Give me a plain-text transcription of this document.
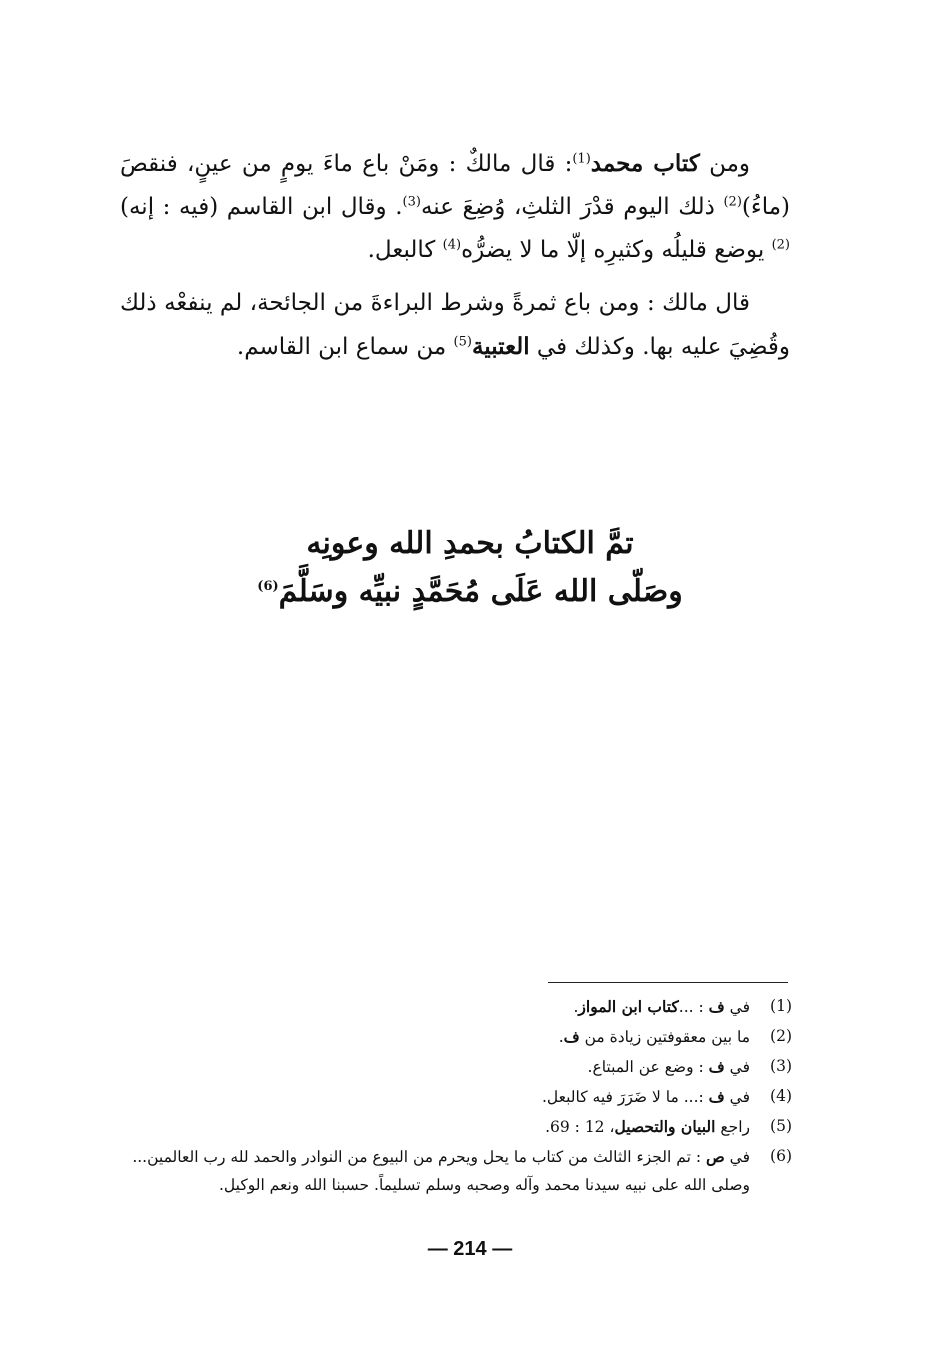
ومن كتاب محمد$^{(1)}$: قال مالكٌ : ومَنْ باع ماءَ يومٍ من عينٍ، فنقصَ (ماءُ)$^{(2)}$ ذلك اليوم قدْرَ الثلثِ، وُضِعَ عنه$^{(3)}$. وقال ابن القاسم (فيه : إنه)$^{(2)}$ يوضع قليلُه وكثيرِه إلّا ما لا يضرُّه$^{(4)}$ كالبعل.
قال مالك : ومن باع ثمرةً وشرط البراءةَ من الجائحة، لم ينفعْه ذلك وقُضِيَ عليه بها. وكذلك في العتبية$^{(5)}$ من سماع ابن القاسم.
تمَّ الكتابُ بحمدِ الله وعونِه
وصَلّى الله عَلَى مُحَمَّدٍ نبيِّه وسَلَّمَ$^{(6)}$
(1)
في ف : ...كتاب ابن المواز.
(2)
ما بين معقوفتين زيادة من ف.
(3)
في ف : وضع عن المبتاع.
(4)
في ف :... ما لا ضَرَرَ فيه كالبعل.
(5)
راجع البيان والتحصيل، 12 : 69.
(6)
في ص : تم الجزء الثالث من كتاب ما يحل ويحرم من البيوع من النوادر والحمد لله رب العالمين...
وصلى الله على نبيه سيدنا محمد وآله وصحبه وسلم تسليماً. حسبنا الله ونعم الوكيل.
— 214 —
